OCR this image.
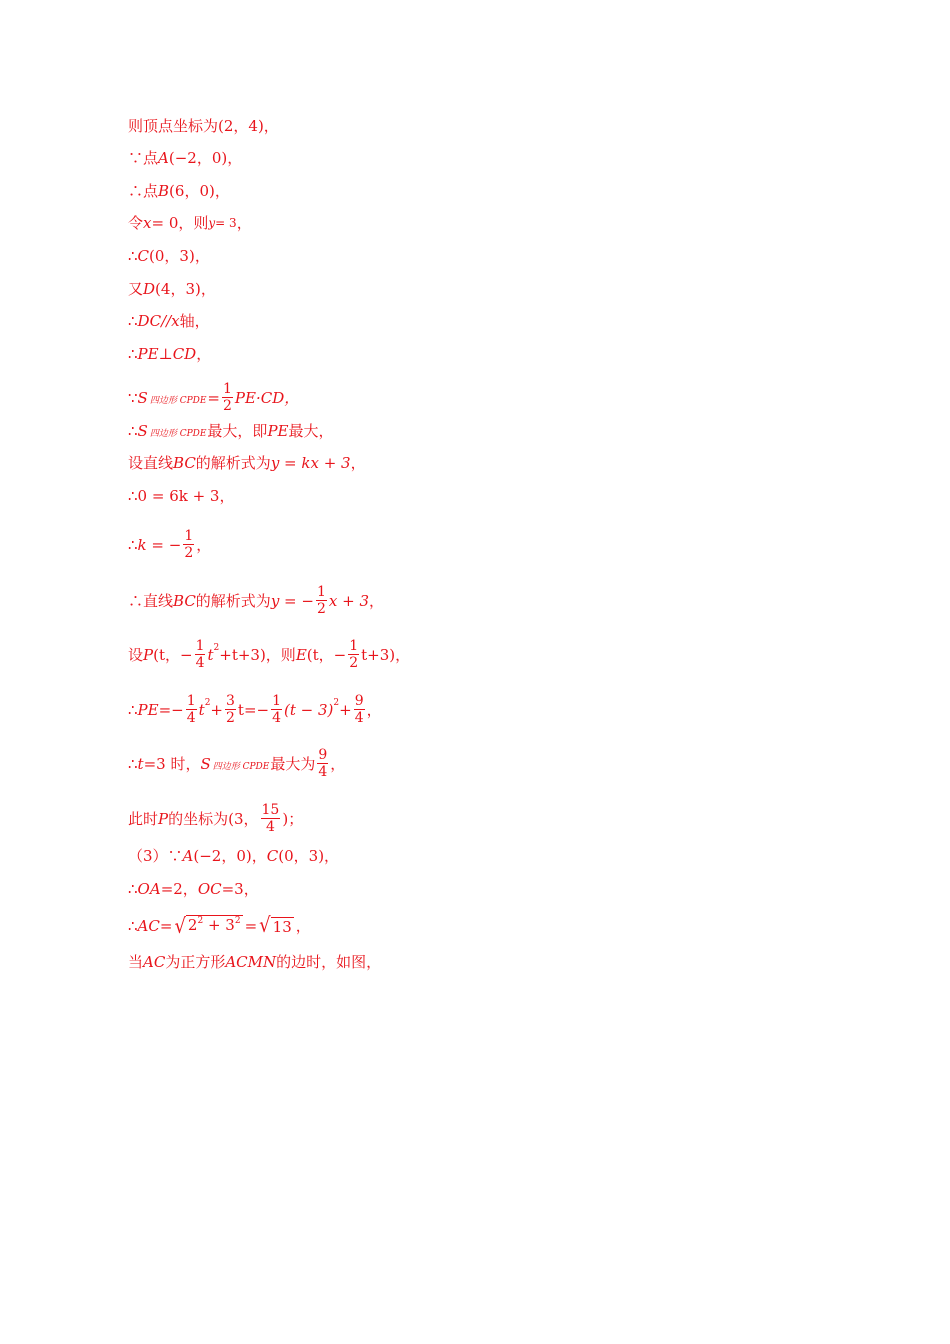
则顶点坐标为(2，4)，
∵点 A (−2，0)，
∴点 B (6，0)，
令 x = 0 ，则 y = 3 ，
∴ C (0，3)，
又 D (4，3)，
∴ DC // x 轴，
∴ PE ⊥ CD ，
∵ S 四边形 CPDE = $\frac{1}{2} PE\cdot CD$，
∴ S 四边形 CPDE 最大，即 PE 最大，
设直线 BC 的解析式为 y = kx + 3 ，
∴ 0 = 6k + 3 ，
∴ k = − $\frac{1}{2}$ ，
∴直线 BC 的解析式为 y = − $\frac{1}{2}$ x + 3 ，
设 P (t，− $\frac{1}{4}$ t 2 +t+3)，则 E (t，− $\frac{1}{2} t+3$)，
∴ PE =− $\frac{1}{4}$ t $2 + \frac{3}{2} t=- \frac{1}{4} (t - 3) 2 + \frac{9}{4}$ ，
∴ t =3 时， S 四边形 CPDE 最大为 $\frac{9}{4}$ ，
此时 P 的坐标为(3， $\frac{15}{4}$ )；
（3）∵ A (−2，0)， C (0，3)，
∴ OA =2， OC =3，
∴ AC = √ $2^2 + 3^2$ = √ 13 ，
当 AC 为正方形 ACMN 的边时，如图，
